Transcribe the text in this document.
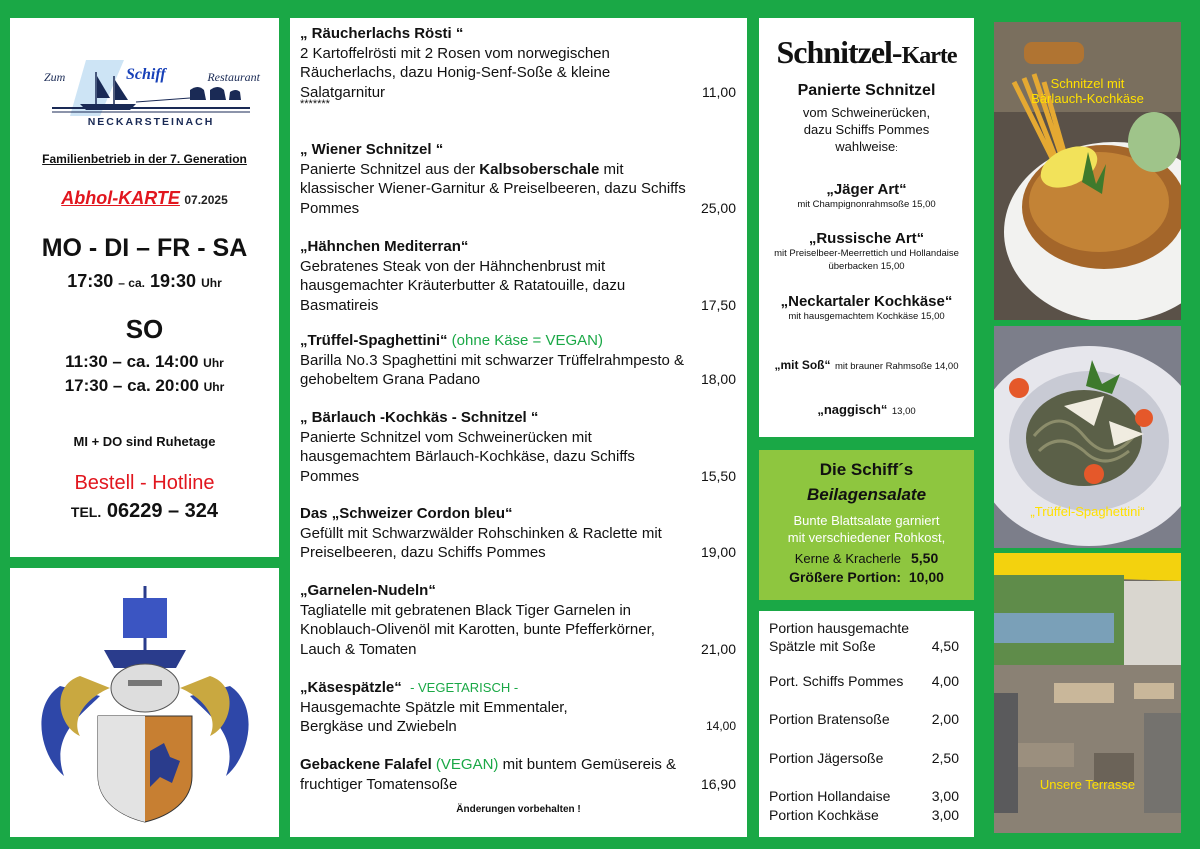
Zum	Schiff	Restaurant
NECKARSTEINACH
Familienbetrieb in der 7. Generation
Abhol-KARTE 07.2025
MO - DI – FR - SA
17:30 – ca. 19:30 Uhr
SO
11:30 – ca. 14:00 Uhr
17:30 – ca. 20:00 Uhr
MI + DO sind Ruhetage
Bestell - Hotline
TEL. 06229 – 324
„ Räucherlachs Rösti “
2 Kartoffelrösti mit 2 Rosen vom norwegischen Räucherlachs, dazu Honig-Senf-Soße & kleine Salatgarnitur	11,00
*******
„ Wiener Schnitzel “
Panierte Schnitzel aus der Kalbsoberschale mit klassischer Wiener-Garnitur & Preiselbeeren, dazu Schiffs Pommes	25,00
„Hähnchen Mediterran“
Gebratenes Steak von der Hähnchenbrust mit hausgemachter Kräuterbutter & Ratatouille, dazu Basmatireis	17,50
„Trüffel-Spaghettini“ (ohne Käse = VEGAN)
Barilla No.3 Spaghettini mit schwarzer Trüffelrahmpesto & gehobeltem Grana Padano	18,00
„ Bärlauch -Kochkäs - Schnitzel “
Panierte Schnitzel vom Schweinerücken mit hausgemachtem Bärlauch-Kochkäse, dazu Schiffs Pommes	15,50
Das „Schweizer Cordon bleu“
Gefüllt mit Schwarzwälder Rohschinken & Raclette mit Preiselbeeren, dazu Schiffs Pommes	19,00
„Garnelen-Nudeln“
Tagliatelle mit gebratenen Black Tiger Garnelen in Knoblauch-Olivenöl mit Karotten, bunte Pfefferkörner, Lauch & Tomaten	21,00
„Käsespätzle“ - VEGETARISCH -
Hausgemachte Spätzle mit Emmentaler, Bergkäse und Zwiebeln	14,00
Gebackene Falafel (VEGAN) mit buntem Gemüsereis &
fruchtiger Tomatensoße	16,90
Änderungen vorbehalten !
Schnitzel-Karte
Panierte Schnitzel
vom Schweinerücken,
dazu Schiffs Pommes
wahlweise:
„Jäger Art“
mit Champignonrahmsoße 15,00
„Russische Art“
mit Preiselbeer-Meerrettich und Hollandaise überbacken 15,00
„Neckartaler Kochkäse“
mit hausgemachtem Kochkäse 15,00
„mit Soß“ mit brauner Rahmsoße 14,00
„naggisch“ 13,00
Die Schiff´s
Beilagensalate
Bunte Blattsalate garniert
mit verschiedener Rohkost,
Kerne & Kracherle 5,50
Größere Portion: 10,00
Portion hausgemachte
Spätzle mit Soße	4,50
Port. Schiffs Pommes 4,00
Portion Bratensoße	2,00
Portion Jägersoße	2,50
Portion Hollandaise	3,00
Portion Kochkäse	3,00
Schnitzel mit
Bärlauch-Kochkäse
„Trüffel-Spaghettini“
Unsere Terrasse
